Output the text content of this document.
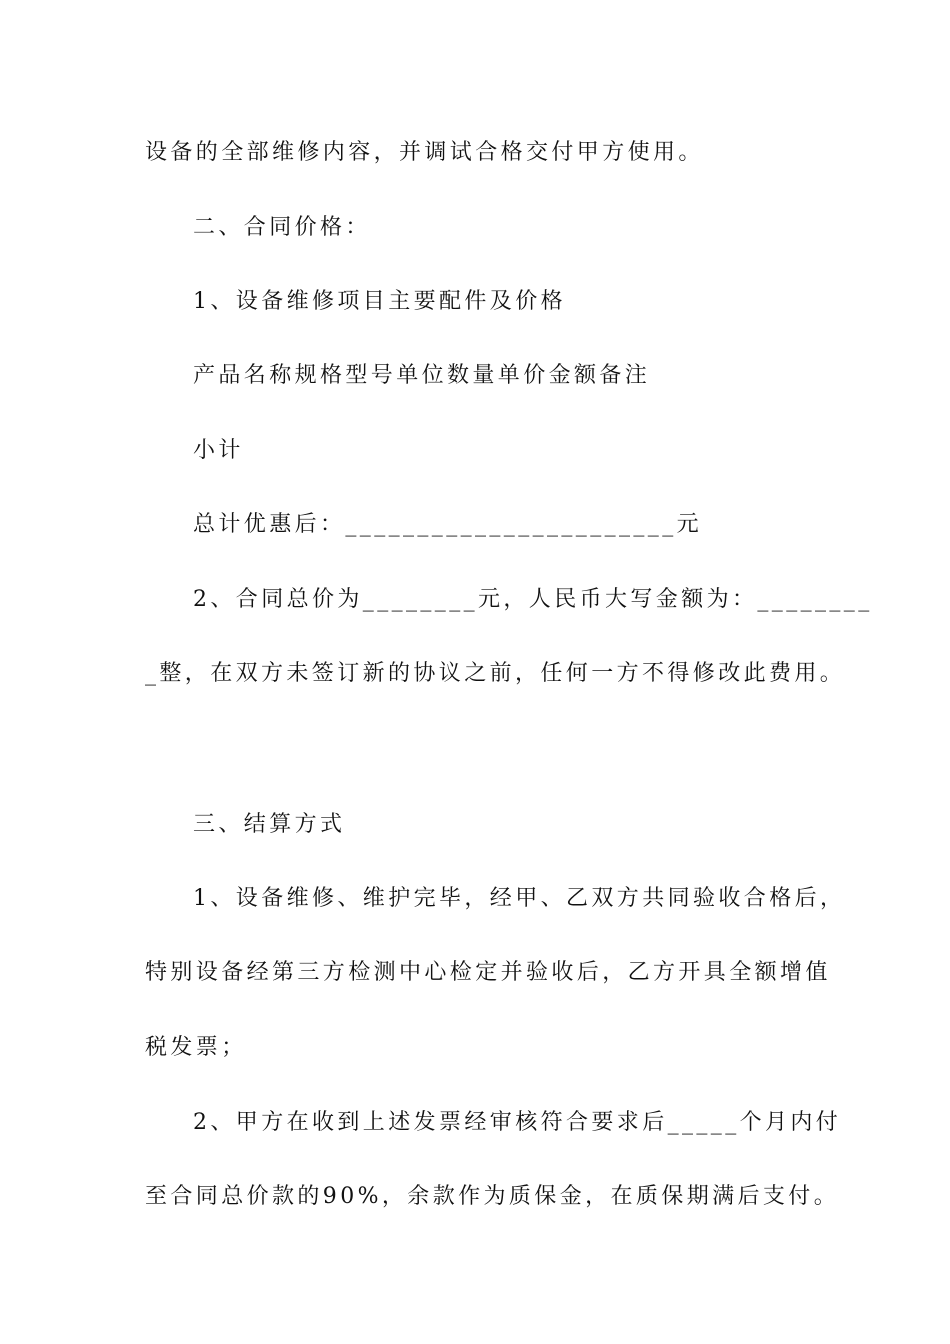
设备的全部维修内容，并调试合格交付甲方使用。

二、合同价格：

1、设备维修项目主要配件及价格

产品名称规格型号单位数量单价金额备注

小计

总计优惠后：_______________________元

2、合同总价为________元，人民币大写金额为：________

_整，在双方未签订新的协议之前，任何一方不得修改此费用。

三、结算方式

1、设备维修、维护完毕，经甲、乙双方共同验收合格后，

特别设备经第三方检测中心检定并验收后，乙方开具全额增值

税发票；

2、甲方在收到上述发票经审核符合要求后_____个月内付

至合同总价款的90%，余款作为质保金，在质保期满后支付。
